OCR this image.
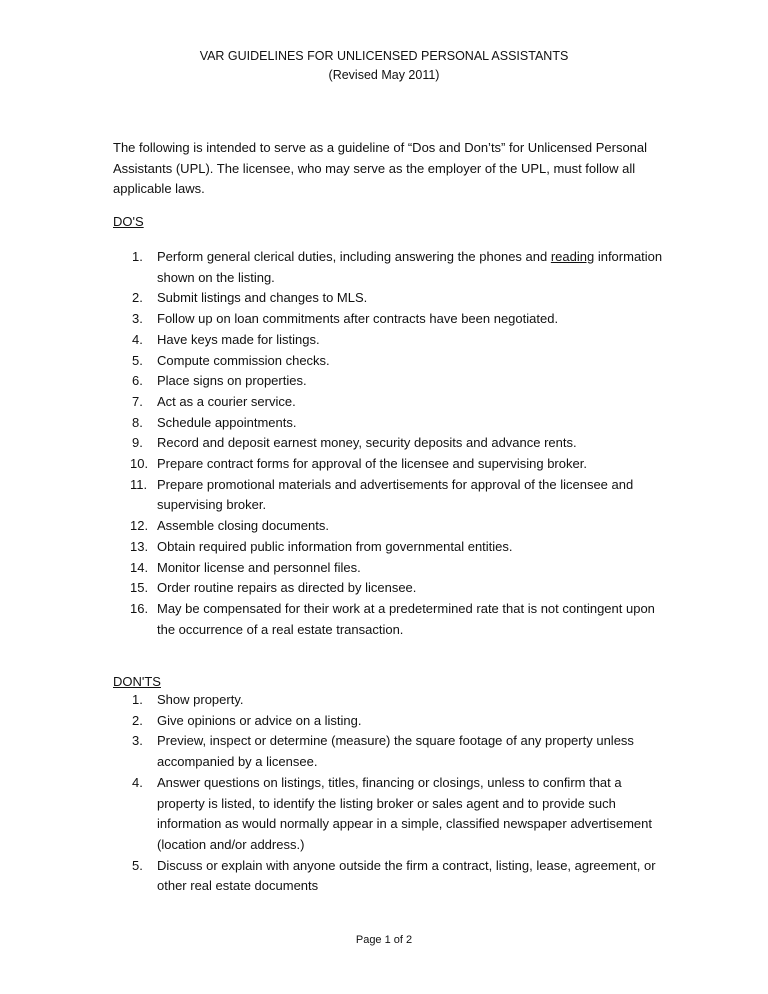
VAR GUIDELINES FOR UNLICENSED PERSONAL ASSISTANTS
(Revised May 2011)

The following is intended to serve as a guideline of “Dos and Don’ts” for Unlicensed Personal Assistants (UPL). The licensee, who may serve as the employer of the UPL, must follow all applicable laws.

DO'S

1.	Perform general clerical duties, including answering the phones and reading information shown on the listing.
2.	Submit listings and changes to MLS.
3.	Follow up on loan commitments after contracts have been negotiated.
4.	Have keys made for listings.
5.	Compute commission checks.
6.	Place signs on properties.
7.	Act as a courier service.
8.	Schedule appointments.
9.	Record and deposit earnest money, security deposits and advance rents.
10. Prepare contract forms for approval of the licensee and supervising broker.
11. Prepare promotional materials and advertisements for approval of the licensee and supervising broker.
12. Assemble closing documents.
13. Obtain required public information from governmental entities.
14. Monitor license and personnel files.
15. Order routine repairs as directed by licensee.
16. May be compensated for their work at a predetermined rate that is not contingent upon the occurrence of a real estate transaction.

DON'TS

1.	Show property.
2.	Give opinions or advice on a listing.
3.	Preview, inspect or determine (measure) the square footage of any property unless accompanied by a licensee.
4.	Answer questions on listings, titles, financing or closings, unless to confirm that a property is listed, to identify the listing broker or sales agent and to provide such information as would normally appear in a simple, classified newspaper advertisement (location and/or address.)
5.	Discuss or explain with anyone outside the firm a contract, listing, lease, agreement, or other real estate documents
Page 1 of 2
